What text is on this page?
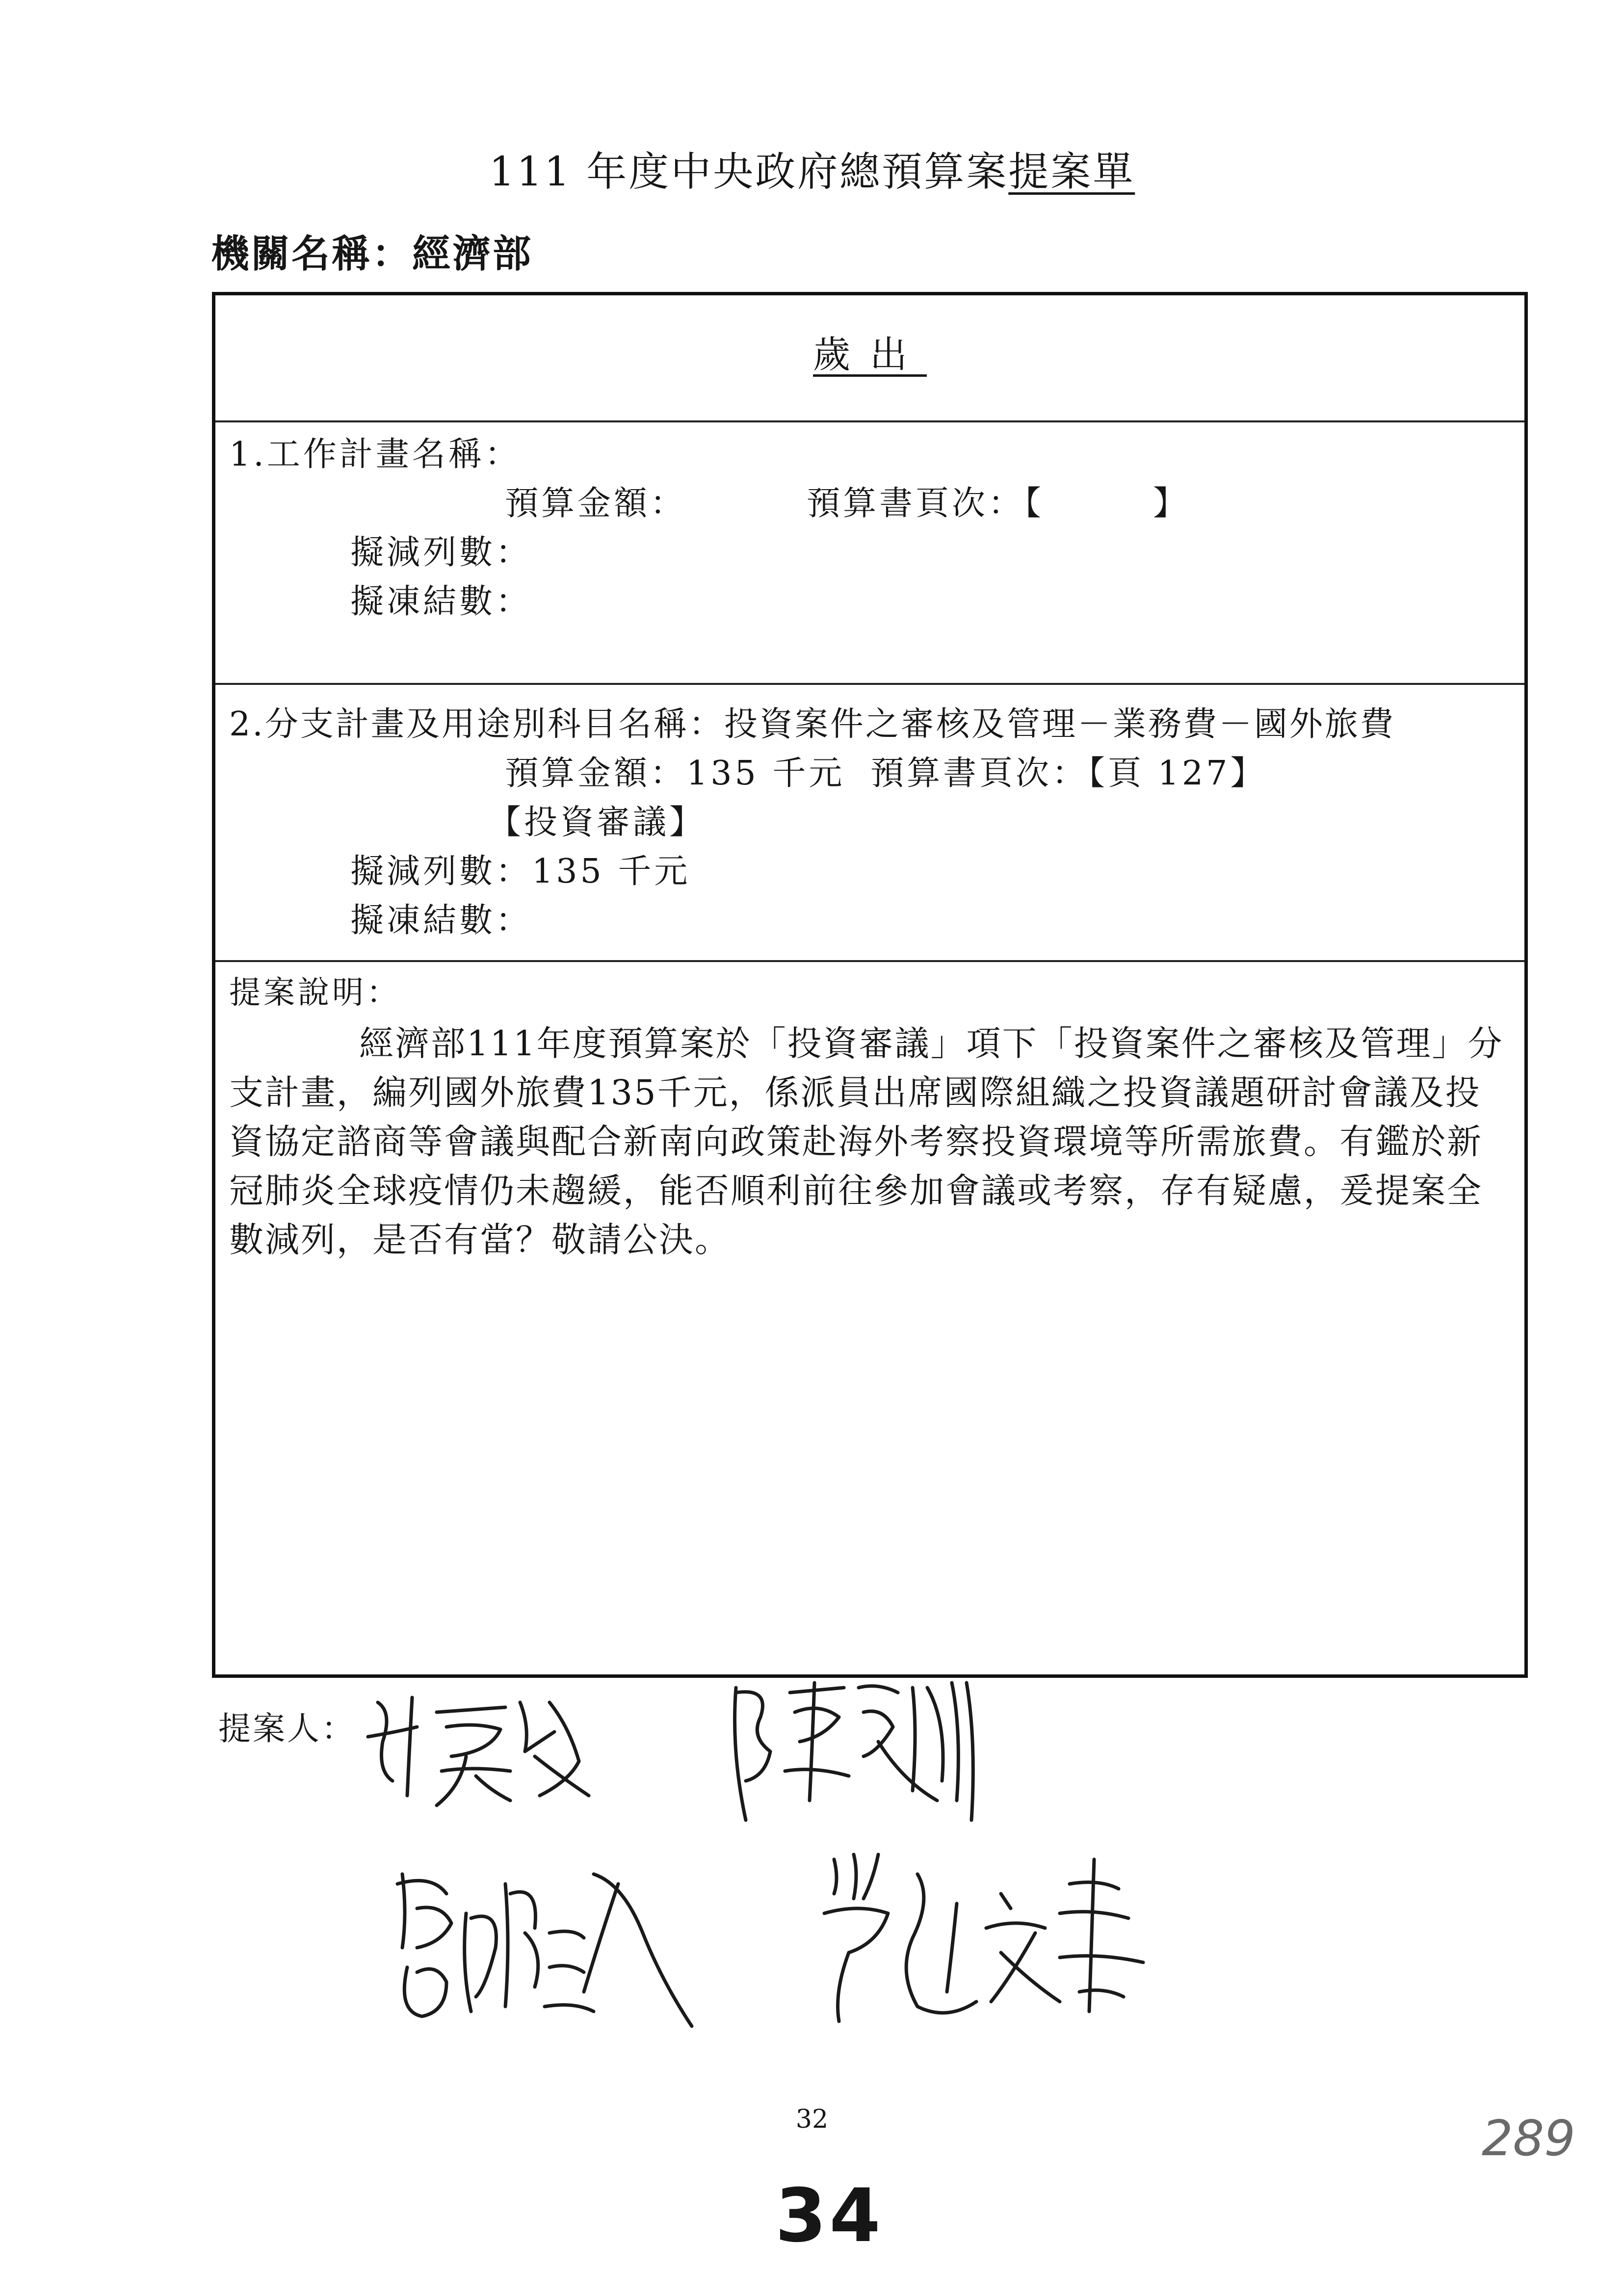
111 年度中央政府總預算案提案單
機關名稱：經濟部
歲出
1.工作計畫名稱：
預算金額：	預算書頁次：【　　　】
擬減列數：
擬凍結數：
2.分支計畫及用途別科目名稱：投資案件之審核及管理－業務費－國外旅費
預算金額：135 千元 預算書頁次：【頁 127】
【投資審議】
擬減列數：135 千元
擬凍結數：
提案說明：
經濟部111年度預算案於「投資審議」項下「投資案件之審核及管理」分支計畫，編列國外旅費135千元，係派員出席國際組織之投資議題研討會議及投資協定諮商等會議與配合新南向政策赴海外考察投資環境等所需旅費。有鑑於新冠肺炎全球疫情仍未趨緩，能否順利前往參加會議或考察，存有疑慮，爰提案全數減列，是否有當？敬請公決。
提案人：
32
34
289
